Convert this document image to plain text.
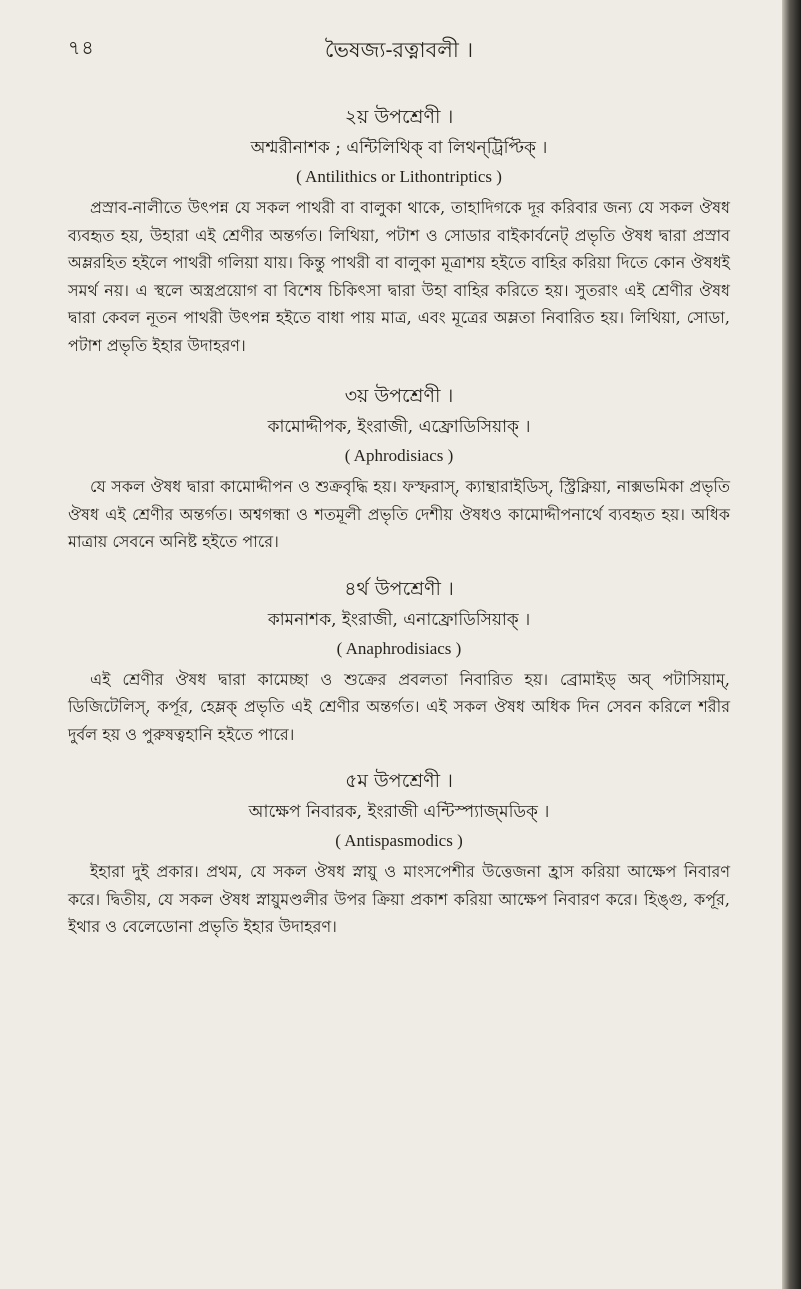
৭৪	ভৈষজ্য-রত্নাবলী ।
২য় উপশ্রেণী ।
অশ্মরীনাশক ; এন্টিলিথিক্ বা লিথন্‌ট্রিপ্টিক্ ।
( Antilithics or Lithontriptics )

প্রস্রাব-নালীতে উৎপন্ন যে সকল পাথরী বা বালুকা থাকে, তাহাদিগকে দূর করিবার জন্য যে সকল ঔষধ ব্যবহৃত হয়, উহারা এই শ্রেণীর অন্তর্গত। লিথিয়া, পটাশ ও সোডার বাইকার্বনেট্ প্রভৃতি ঔষধ দ্বারা প্রস্রাব অম্লরহিত হইলে পাথরী গলিয়া যায়। কিন্তু পাথরী বা বালুকা মূত্রাশয় হইতে বাহির করিয়া দিতে কোন ঔষধই সমর্থ নয়। এ স্থলে অস্ত্রপ্রয়োগ বা বিশেষ চিকিৎসা দ্বারা উহা বাহির করিতে হয়। সুতরাং এই শ্রেণীর ঔষধ দ্বারা কেবল নূতন পাথরী উৎপন্ন হইতে বাধা পায় মাত্র, এবং মূত্রের অম্লতা নিবারিত হয়। লিথিয়া, সোডা, পটাশ প্রভৃতি ইহার উদাহরণ।

৩য় উপশ্রেণী ।
কামোদ্দীপক, ইংরাজী, এফ্রোডিসিয়াক্ ।
( Aphrodisiacs )

যে সকল ঔষধ দ্বারা কামোদ্দীপন ও শুক্রবৃদ্ধি হয়। ফস্ফরাস্, ক্যান্থারাইডিস্, স্ট্রিক্নিয়া, নাক্সভমিকা প্রভৃতি ঔষধ এই শ্রেণীর অন্তর্গত। অশ্বগন্ধা ও শতমূলী প্রভৃতি দেশীয় ঔষধও কামোদ্দীপনার্থে ব্যবহৃত হয়। অধিক মাত্রায় সেবনে অনিষ্ট হইতে পারে।

৪র্থ উপশ্রেণী ।
কামনাশক, ইংরাজী, এনাফ্রোডিসিয়াক্ ।
( Anaphrodisiacs )

এই শ্রেণীর ঔষধ দ্বারা কামেচ্ছা ও শুক্রের প্রবলতা নিবারিত হয়। ব্রোমাইড্ অব্ পটাসিয়াম্, ডিজিটেলিস্, কর্পূর, হেম্লক্ প্রভৃতি এই শ্রেণীর অন্তর্গত। এই সকল ঔষধ অধিক দিন সেবন করিলে শরীর দুর্বল হয় ও পুরুষত্বহানি হইতে পারে।

৫ম উপশ্রেণী ।
আক্ষেপ নিবারক, ইংরাজী এন্টিস্প্যাজ্‌মডিক্ ।
( Antispasmodics )

ইহারা দুই প্রকার। প্রথম, যে সকল ঔষধ স্নায়ু ও মাংসপেশীর উত্তেজনা হ্রাস করিয়া আক্ষেপ নিবারণ করে। দ্বিতীয়, যে সকল ঔষধ স্নায়ুমণ্ডলীর উপর ক্রিয়া প্রকাশ করিয়া আক্ষেপ নিবারণ করে। হিঙ্গু, কর্পূর, ইথার ও বেলেডোনা প্রভৃতি ইহার উদাহরণ।
